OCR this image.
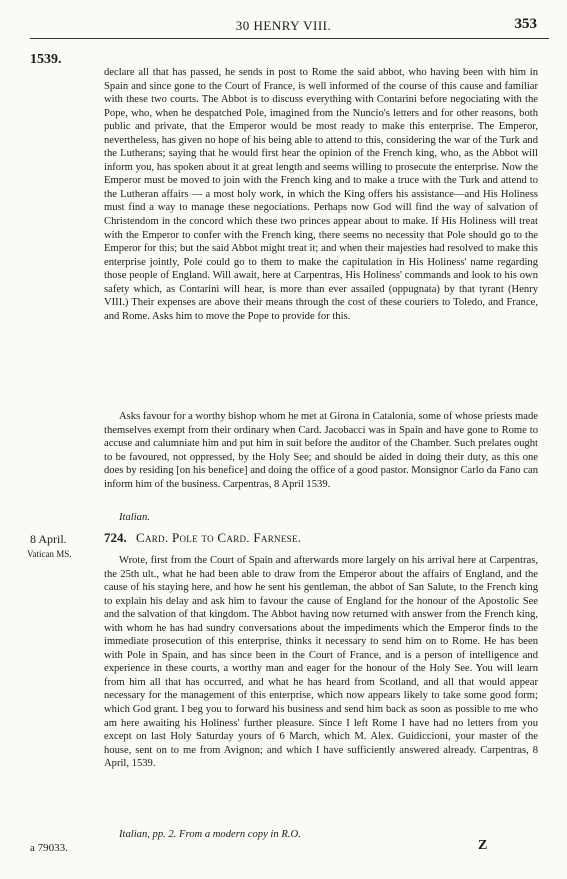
30 HENRY VIII.	353
1539.

declare all that has passed, he sends in post to Rome the said abbot, who having been with him in Spain and since gone to the Court of France, is well informed of the course of this cause and familiar with these two courts. The Abbot is to discuss everything with Contarini before negociating with the Pope, who, when he despatched Pole, imagined from the Nuncio's letters and for other reasons, both public and private, that the Emperor would be most ready to make this enterprise. The Emperor, nevertheless, has given no hope of his being able to attend to this, considering the war of the Turk and the Lutherans; saying that he would first hear the opinion of the French king, who, as the Abbot will inform you, has spoken about it at great length and seems willing to prosecute the enterprise. Now the Emperor must be moved to join with the French king and to make a truce with the Turk and attend to the Lutheran affairs — a most holy work, in which the King offers his assistance—and His Holiness must find a way to manage these negociations. Perhaps now God will find the way of salvation of Christendom in the concord which these two princes appear about to make. If His Holiness will treat with the Emperor to confer with the French king, there seems no necessity that Pole should go to the Emperor for this; but the said Abbot might treat it; and when their majesties had resolved to make this enterprise jointly, Pole could go to them to make the capitulation in His Holiness' name regarding those people of England. Will await, here at Carpentras, His Holiness' commands and look to his own safety which, as Contarini will hear, is more than ever assailed (oppugnata) by that tyrant (Henry VIII.) Their expenses are above their means through the cost of these couriers to Toledo, and France, and Rome. Asks him to move the Pope to provide for this.

Asks favour for a worthy bishop whom he met at Girona in Catalonia, some of whose priests made themselves exempt from their ordinary when Card. Jacobacci was in Spain and have gone to Rome to accuse and calumniate him and put him in suit before the auditor of the Chamber. Such prelates ought to be favoured, not oppressed, by the Holy See; and should be aided in doing their duty, as this one does by residing [on his benefice] and doing the office of a good pastor. Monsignor Carlo da Fano can inform him of the business. Carpentras, 8 April 1539.

Italian.

8 April.
Vatican MS.
724. Card. Pole to Card. Farnese.

Wrote, first from the Court of Spain and afterwards more largely on his arrival here at Carpentras, the 25th ult., what he had been able to draw from the Emperor about the affairs of England, and the cause of his staying here, and how he sent his gentleman, the abbot of San Salute, to the French king to explain his delay and ask him to favour the cause of England for the honour of the Apostolic See and the salvation of that kingdom. The Abbot having now returned with answer from the French king, with whom he has had sundry conversations about the impediments which the Emperor finds to the immediate prosecution of this enterprise, thinks it necessary to send him on to Rome. He has been with Pole in Spain, and has since been in the Court of France, and is a person of intelligence and experience in these courts, a worthy man and eager for the honour of the Holy See. You will learn from him all that has occurred, and what he has heard from Scotland, and all that would appear necessary for the management of this enterprise, which now appears likely to take some good form; which God grant. I beg you to forward his business and send him back as soon as possible to me who am here awaiting his Holiness' further pleasure. Since I left Rome I have had no letters from you except on last Holy Saturday yours of 6 March, which M. Alex. Guidiccioni, your master of the house, sent on to me from Avignon; and which I have sufficiently answered already. Carpentras, 8 April, 1539.

Italian, pp. 2. From a modern copy in R.O.

a 79033.	Z
